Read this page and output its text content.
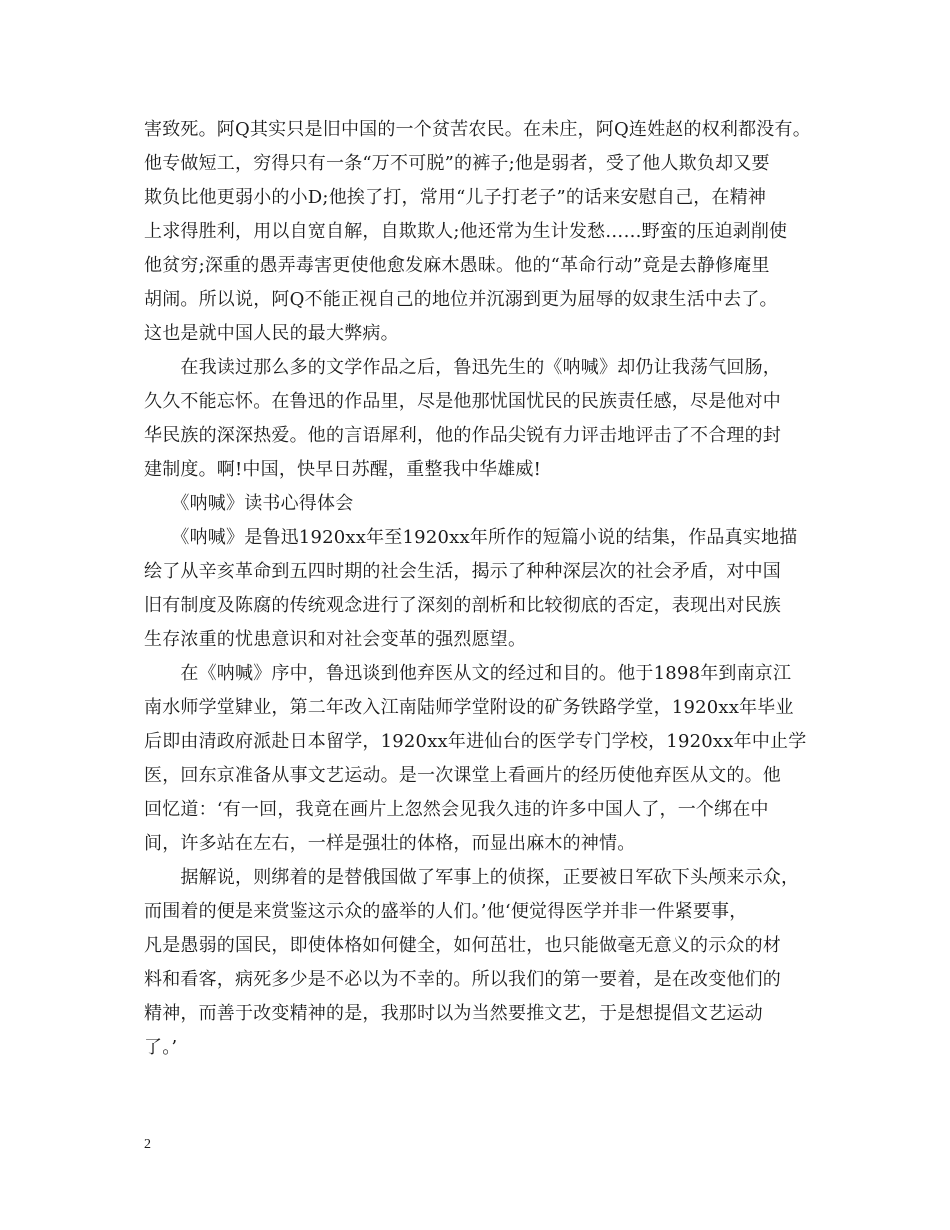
害致死。阿Q其实只是旧中国的一个贫苦农民。在未庄，阿Q连姓赵的权利都没有。
他专做短工，穷得只有一条“万不可脱”的裤子;他是弱者，受了他人欺负却又要
欺负比他更弱小的小D;他挨了打，常用“儿子打老子”的话来安慰自己，在精神
上求得胜利，用以自宽自解，自欺欺人;他还常为生计发愁……野蛮的压迫剥削使
他贫穷;深重的愚弄毒害更使他愈发麻木愚昧。他的“革命行动”竟是去静修庵里
胡闹。所以说，阿Q不能正视自己的地位并沉溺到更为屈辱的奴隶生活中去了。
这也是就中国人民的最大弊病。
　　在我读过那么多的文学作品之后，鲁迅先生的《呐喊》却仍让我荡气回肠，
久久不能忘怀。在鲁迅的作品里，尽是他那忧国忧民的民族责任感，尽是他对中
华民族的深深热爱。他的言语犀利，他的作品尖锐有力评击地评击了不合理的封
建制度。啊!中国，快早日苏醒，重整我中华雄威!
　　《呐喊》读书心得体会
　　《呐喊》是鲁迅1920xx年至1920xx年所作的短篇小说的结集，作品真实地描
绘了从辛亥革命到五四时期的社会生活，揭示了种种深层次的社会矛盾，对中国
旧有制度及陈腐的传统观念进行了深刻的剖析和比较彻底的否定，表现出对民族
生存浓重的忧患意识和对社会变革的强烈愿望。
　　在《呐喊》序中，鲁迅谈到他弃医从文的经过和目的。他于1898年到南京江
南水师学堂肄业，第二年改入江南陆师学堂附设的矿务铁路学堂，1920xx年毕业
后即由清政府派赴日本留学，1920xx年进仙台的医学专门学校，1920xx年中止学
医，回东京准备从事文艺运动。是一次课堂上看画片的经历使他弃医从文的。他
回忆道：‘有一回，我竟在画片上忽然会见我久违的许多中国人了，一个绑在中
间，许多站在左右，一样是强壮的体格，而显出麻木的神情。
　　据解说，则绑着的是替俄国做了军事上的侦探，正要被日军砍下头颅来示众，
而围着的便是来赏鉴这示众的盛举的人们。’他‘便觉得医学并非一件紧要事，
凡是愚弱的国民，即使体格如何健全，如何茁壮，也只能做毫无意义的示众的材
料和看客，病死多少是不必以为不幸的。所以我们的第一要着，是在改变他们的
精神，而善于改变精神的是，我那时以为当然要推文艺，于是想提倡文艺运动
了。’
2
